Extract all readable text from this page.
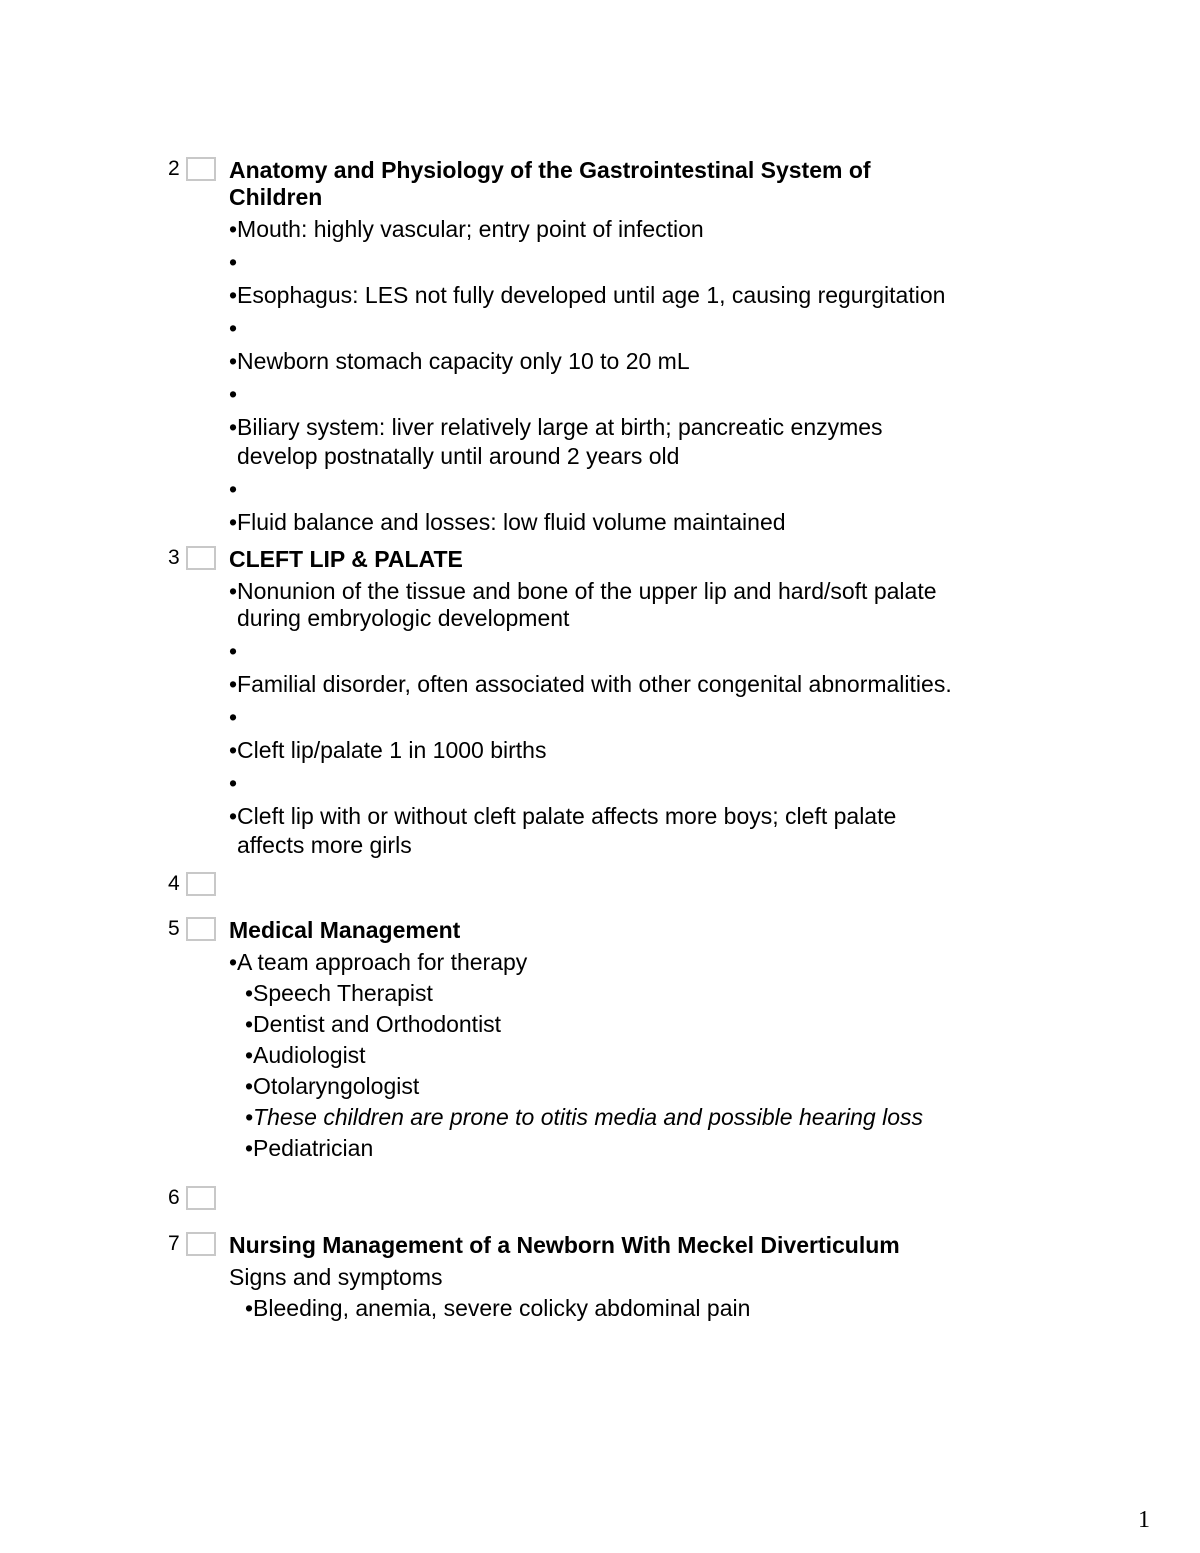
2 Anatomy and Physiology of the Gastrointestinal System of Children
•Mouth: highly vascular; entry point of infection
•
•Esophagus: LES not fully developed until age 1, causing regurgitation
•
•Newborn stomach capacity only 10 to 20 mL
•
•Biliary system: liver relatively large at birth; pancreatic enzymes
develop postnatally until around 2 years old
•
•Fluid balance and losses: low fluid volume maintained
3 CLEFT LIP & PALATE
•Nonunion of the tissue and bone of the upper lip and hard/soft palate
during embryologic development
•
•Familial disorder, often associated with other congenital abnormalities.
•
•Cleft lip/palate 1 in 1000 births
•
•Cleft lip with or without cleft palate affects more boys; cleft palate
affects more girls
4
5 Medical Management
•A team approach for therapy
•Speech Therapist
•Dentist and Orthodontist
•Audiologist
•Otolaryngologist
•These children are prone to otitis media and possible hearing loss
•Pediatrician
6
7 Nursing Management of a Newborn With Meckel Diverticulum
Signs and symptoms
•Bleeding, anemia, severe colicky abdominal pain
1
